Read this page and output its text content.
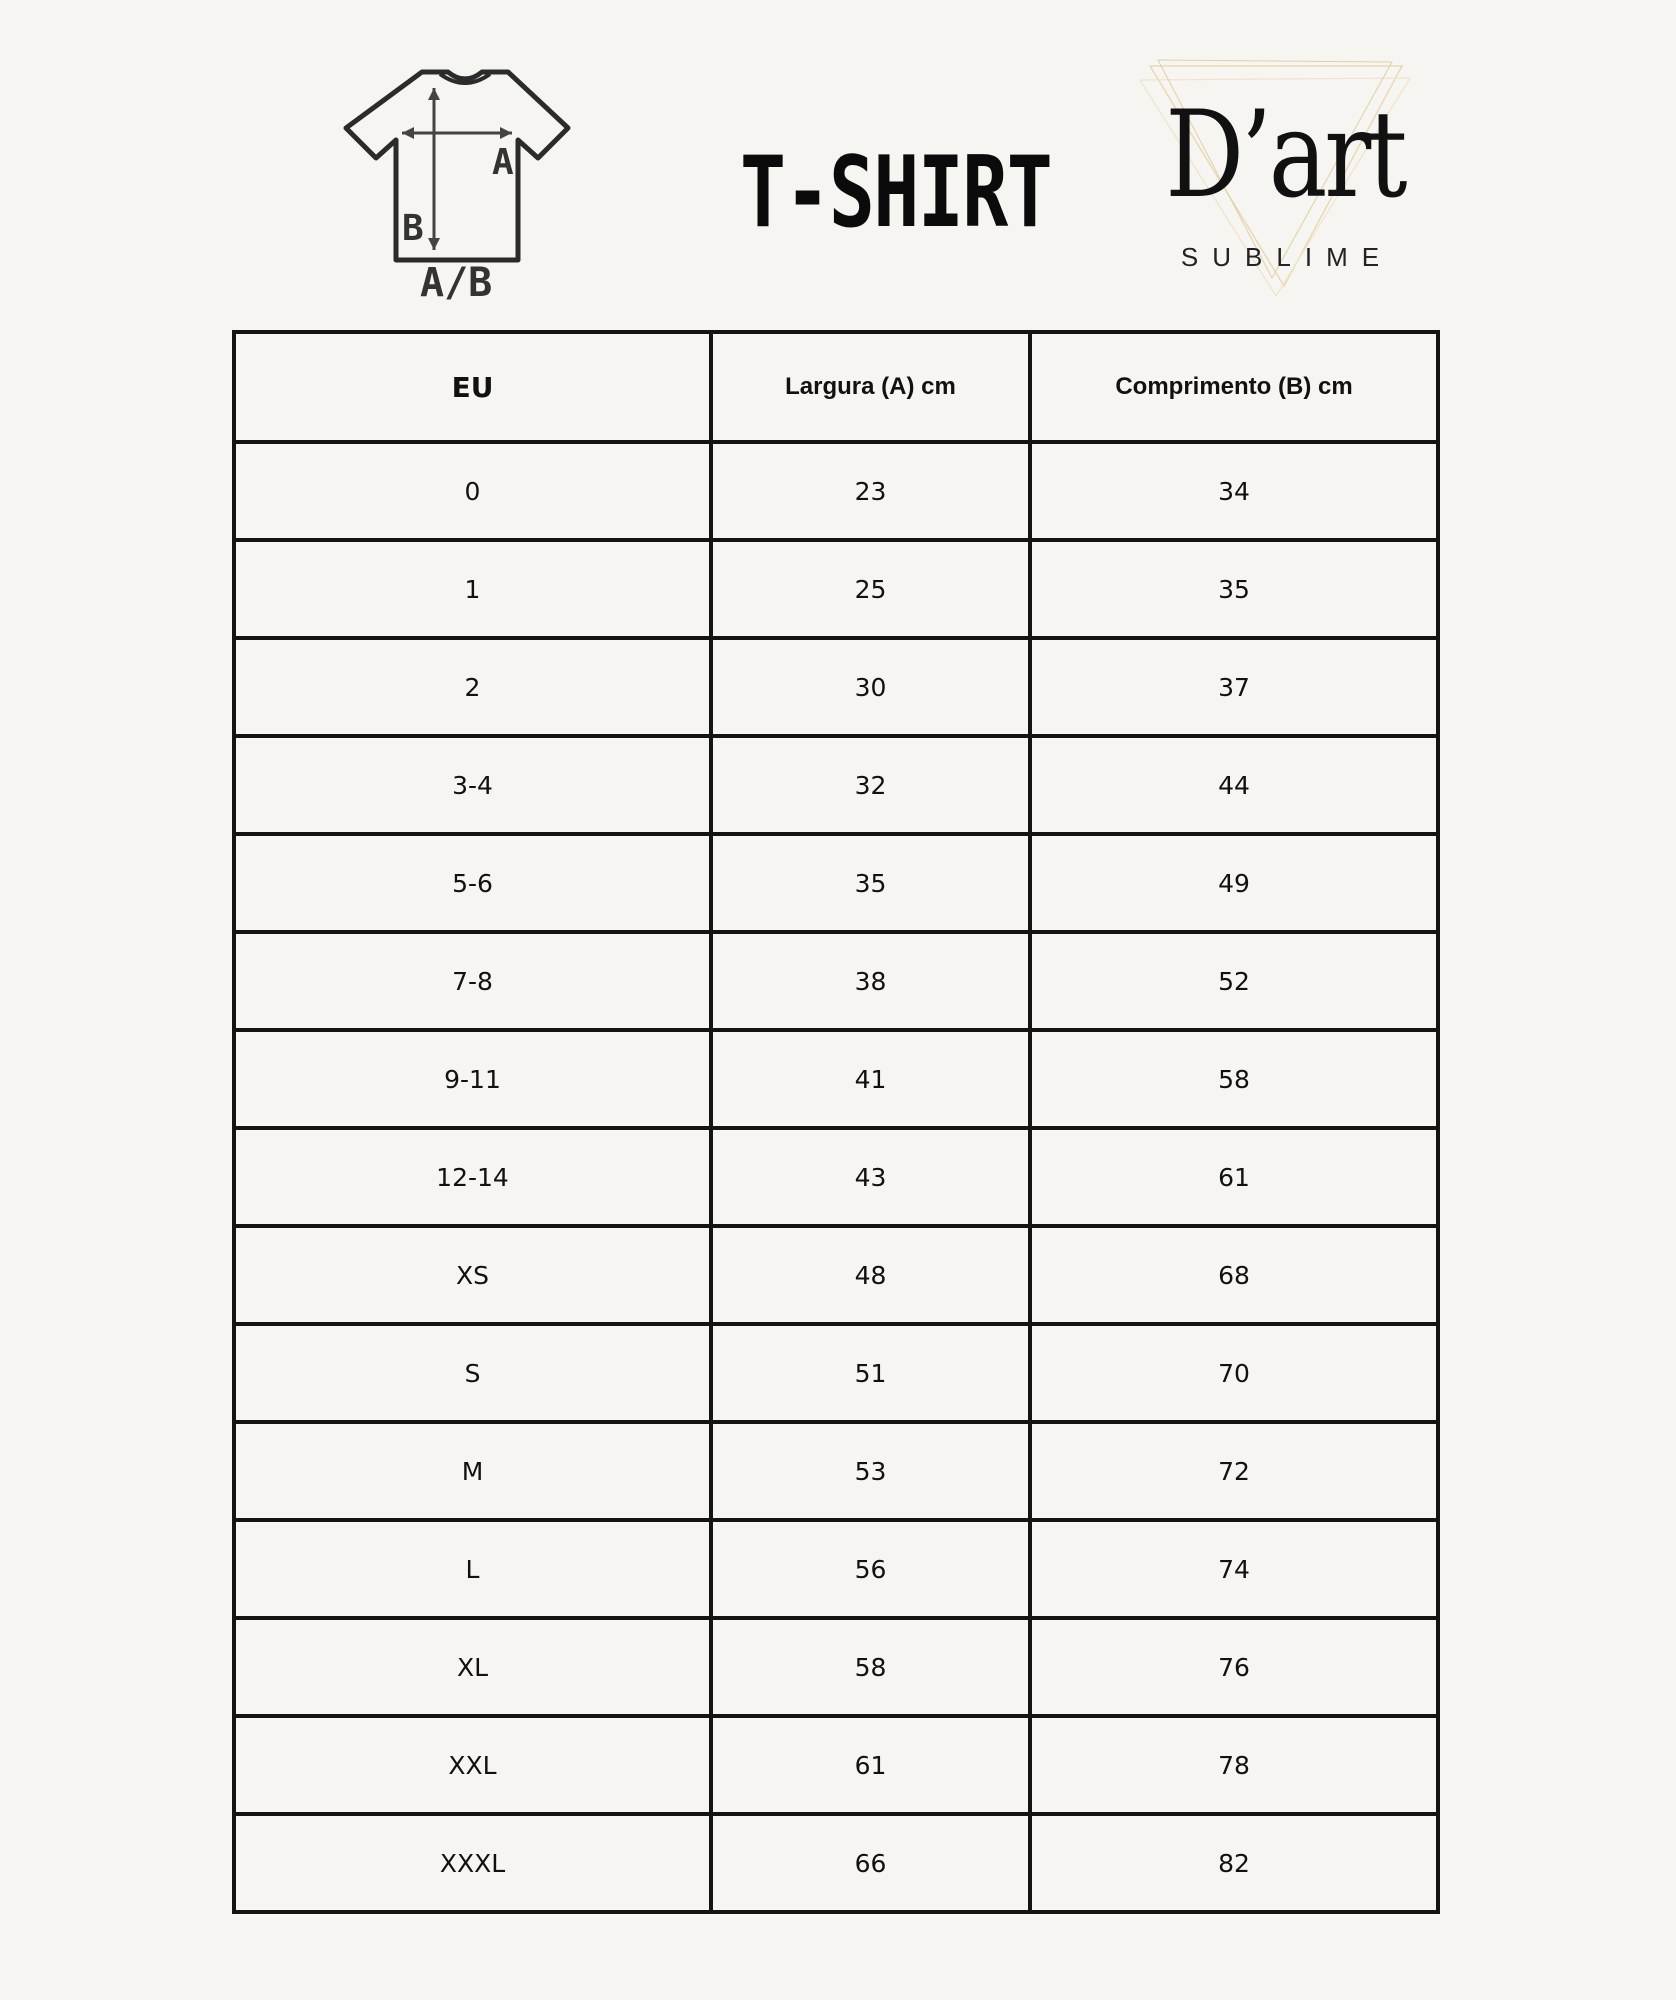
A
B
A/B
T-SHIRT D’art
SUBLIME
EU	Largura (A) cm	Comprimento (B) cm
0	23	34
1	25	35
2	30	37
3-4	32	44
5-6	35	49
7-8	38	52
9-11	41	58
12-14	43	61
XS	48	68
S	51	70
M	53	72
L	56	74
XL	58	76
XXL	61	78
XXXL	66	82
